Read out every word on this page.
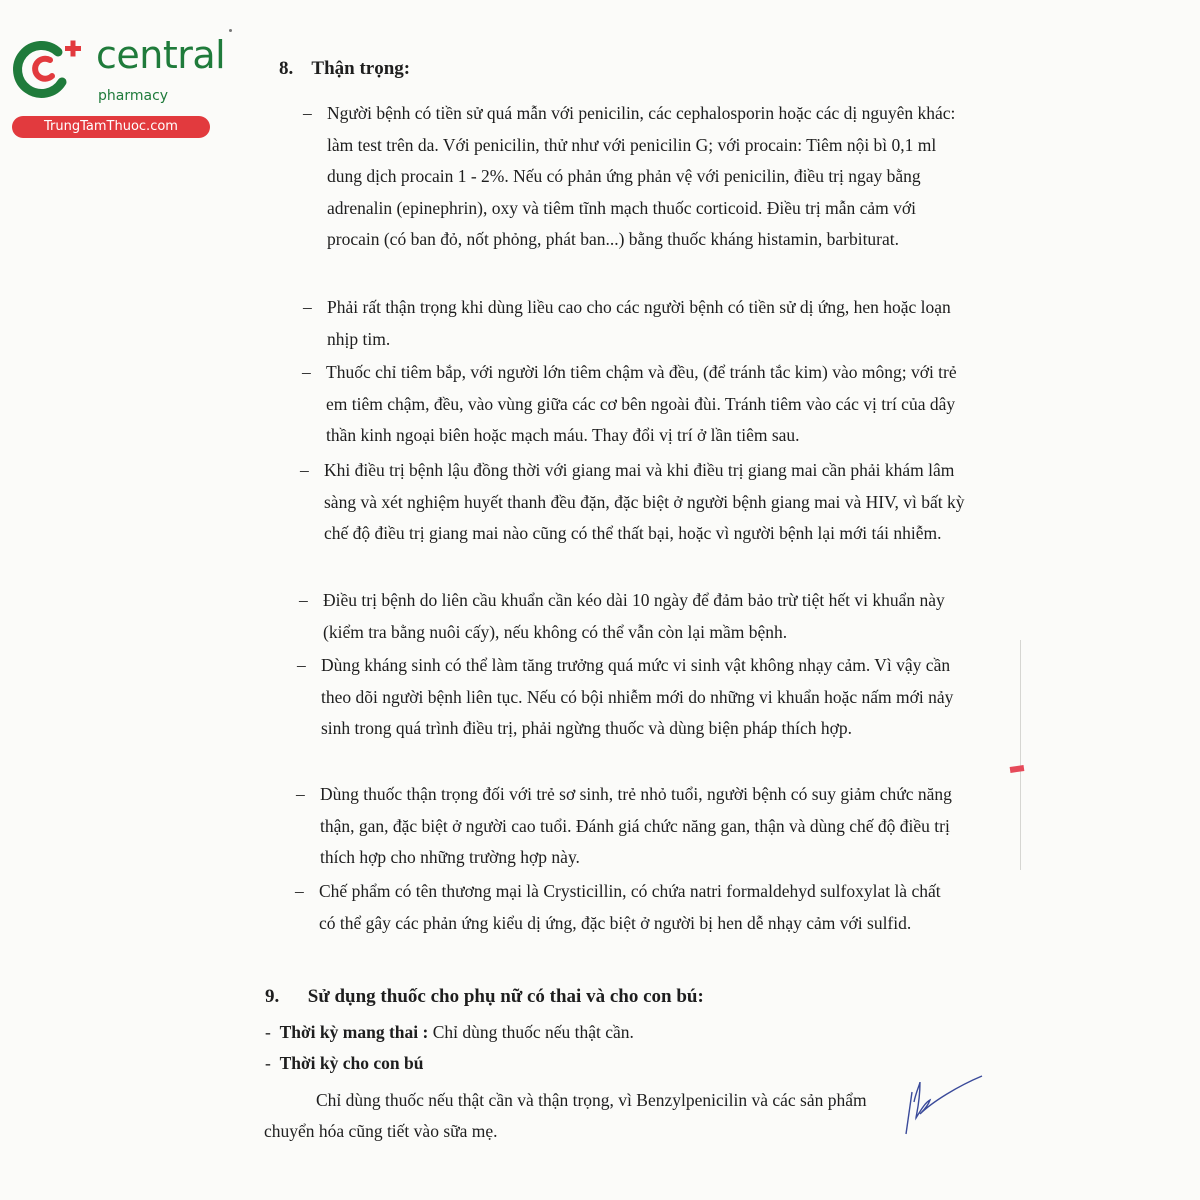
central
pharmacy
TrungTamThuoc.com
8. Thận trọng:
– Người bệnh có tiền sử quá mẫn với penicilin, các cephalosporin hoặc các dị nguyên khác: làm test trên da. Với penicilin, thử như với penicilin G; với procain: Tiêm nội bì 0,1 ml dung dịch procain 1 - 2%. Nếu có phản ứng phản vệ với penicilin, điều trị ngay bằng adrenalin (epinephrin), oxy và tiêm tĩnh mạch thuốc corticoid. Điều trị mẫn cảm với procain (có ban đỏ, nốt phỏng, phát ban...) bằng thuốc kháng histamin, barbiturat.
– Phải rất thận trọng khi dùng liều cao cho các người bệnh có tiền sử dị ứng, hen hoặc loạn nhịp tim.
– Thuốc chỉ tiêm bắp, với người lớn tiêm chậm và đều, (để tránh tắc kim) vào mông; với trẻ em tiêm chậm, đều, vào vùng giữa các cơ bên ngoài đùi. Tránh tiêm vào các vị trí của dây thần kinh ngoại biên hoặc mạch máu. Thay đổi vị trí ở lần tiêm sau.
– Khi điều trị bệnh lậu đồng thời với giang mai và khi điều trị giang mai cần phải khám lâm sàng và xét nghiệm huyết thanh đều đặn, đặc biệt ở người bệnh giang mai và HIV, vì bất kỳ chế độ điều trị giang mai nào cũng có thể thất bại, hoặc vì người bệnh lại mới tái nhiễm.
– Điều trị bệnh do liên cầu khuẩn cần kéo dài 10 ngày để đảm bảo trừ tiệt hết vi khuẩn này (kiểm tra bằng nuôi cấy), nếu không có thể vẫn còn lại mầm bệnh.
– Dùng kháng sinh có thể làm tăng trưởng quá mức vi sinh vật không nhạy cảm. Vì vậy cần theo dõi người bệnh liên tục. Nếu có bội nhiễm mới do những vi khuẩn hoặc nấm mới nảy sinh trong quá trình điều trị, phải ngừng thuốc và dùng biện pháp thích hợp.
– Dùng thuốc thận trọng đối với trẻ sơ sinh, trẻ nhỏ tuổi, người bệnh có suy giảm chức năng thận, gan, đặc biệt ở người cao tuổi. Đánh giá chức năng gan, thận và dùng chế độ điều trị thích hợp cho những trường hợp này.
– Chế phẩm có tên thương mại là Crysticillin, có chứa natri formaldehyd sulfoxylat là chất có thể gây các phản ứng kiểu dị ứng, đặc biệt ở người bị hen dễ nhạy cảm với sulfid.
9. Sử dụng thuốc cho phụ nữ có thai và cho con bú:
- Thời kỳ mang thai : Chỉ dùng thuốc nếu thật cần.
- Thời kỳ cho con bú
Chỉ dùng thuốc nếu thật cần và thận trọng, vì Benzylpenicilin và các sản phẩm chuyển hóa cũng tiết vào sữa mẹ.
